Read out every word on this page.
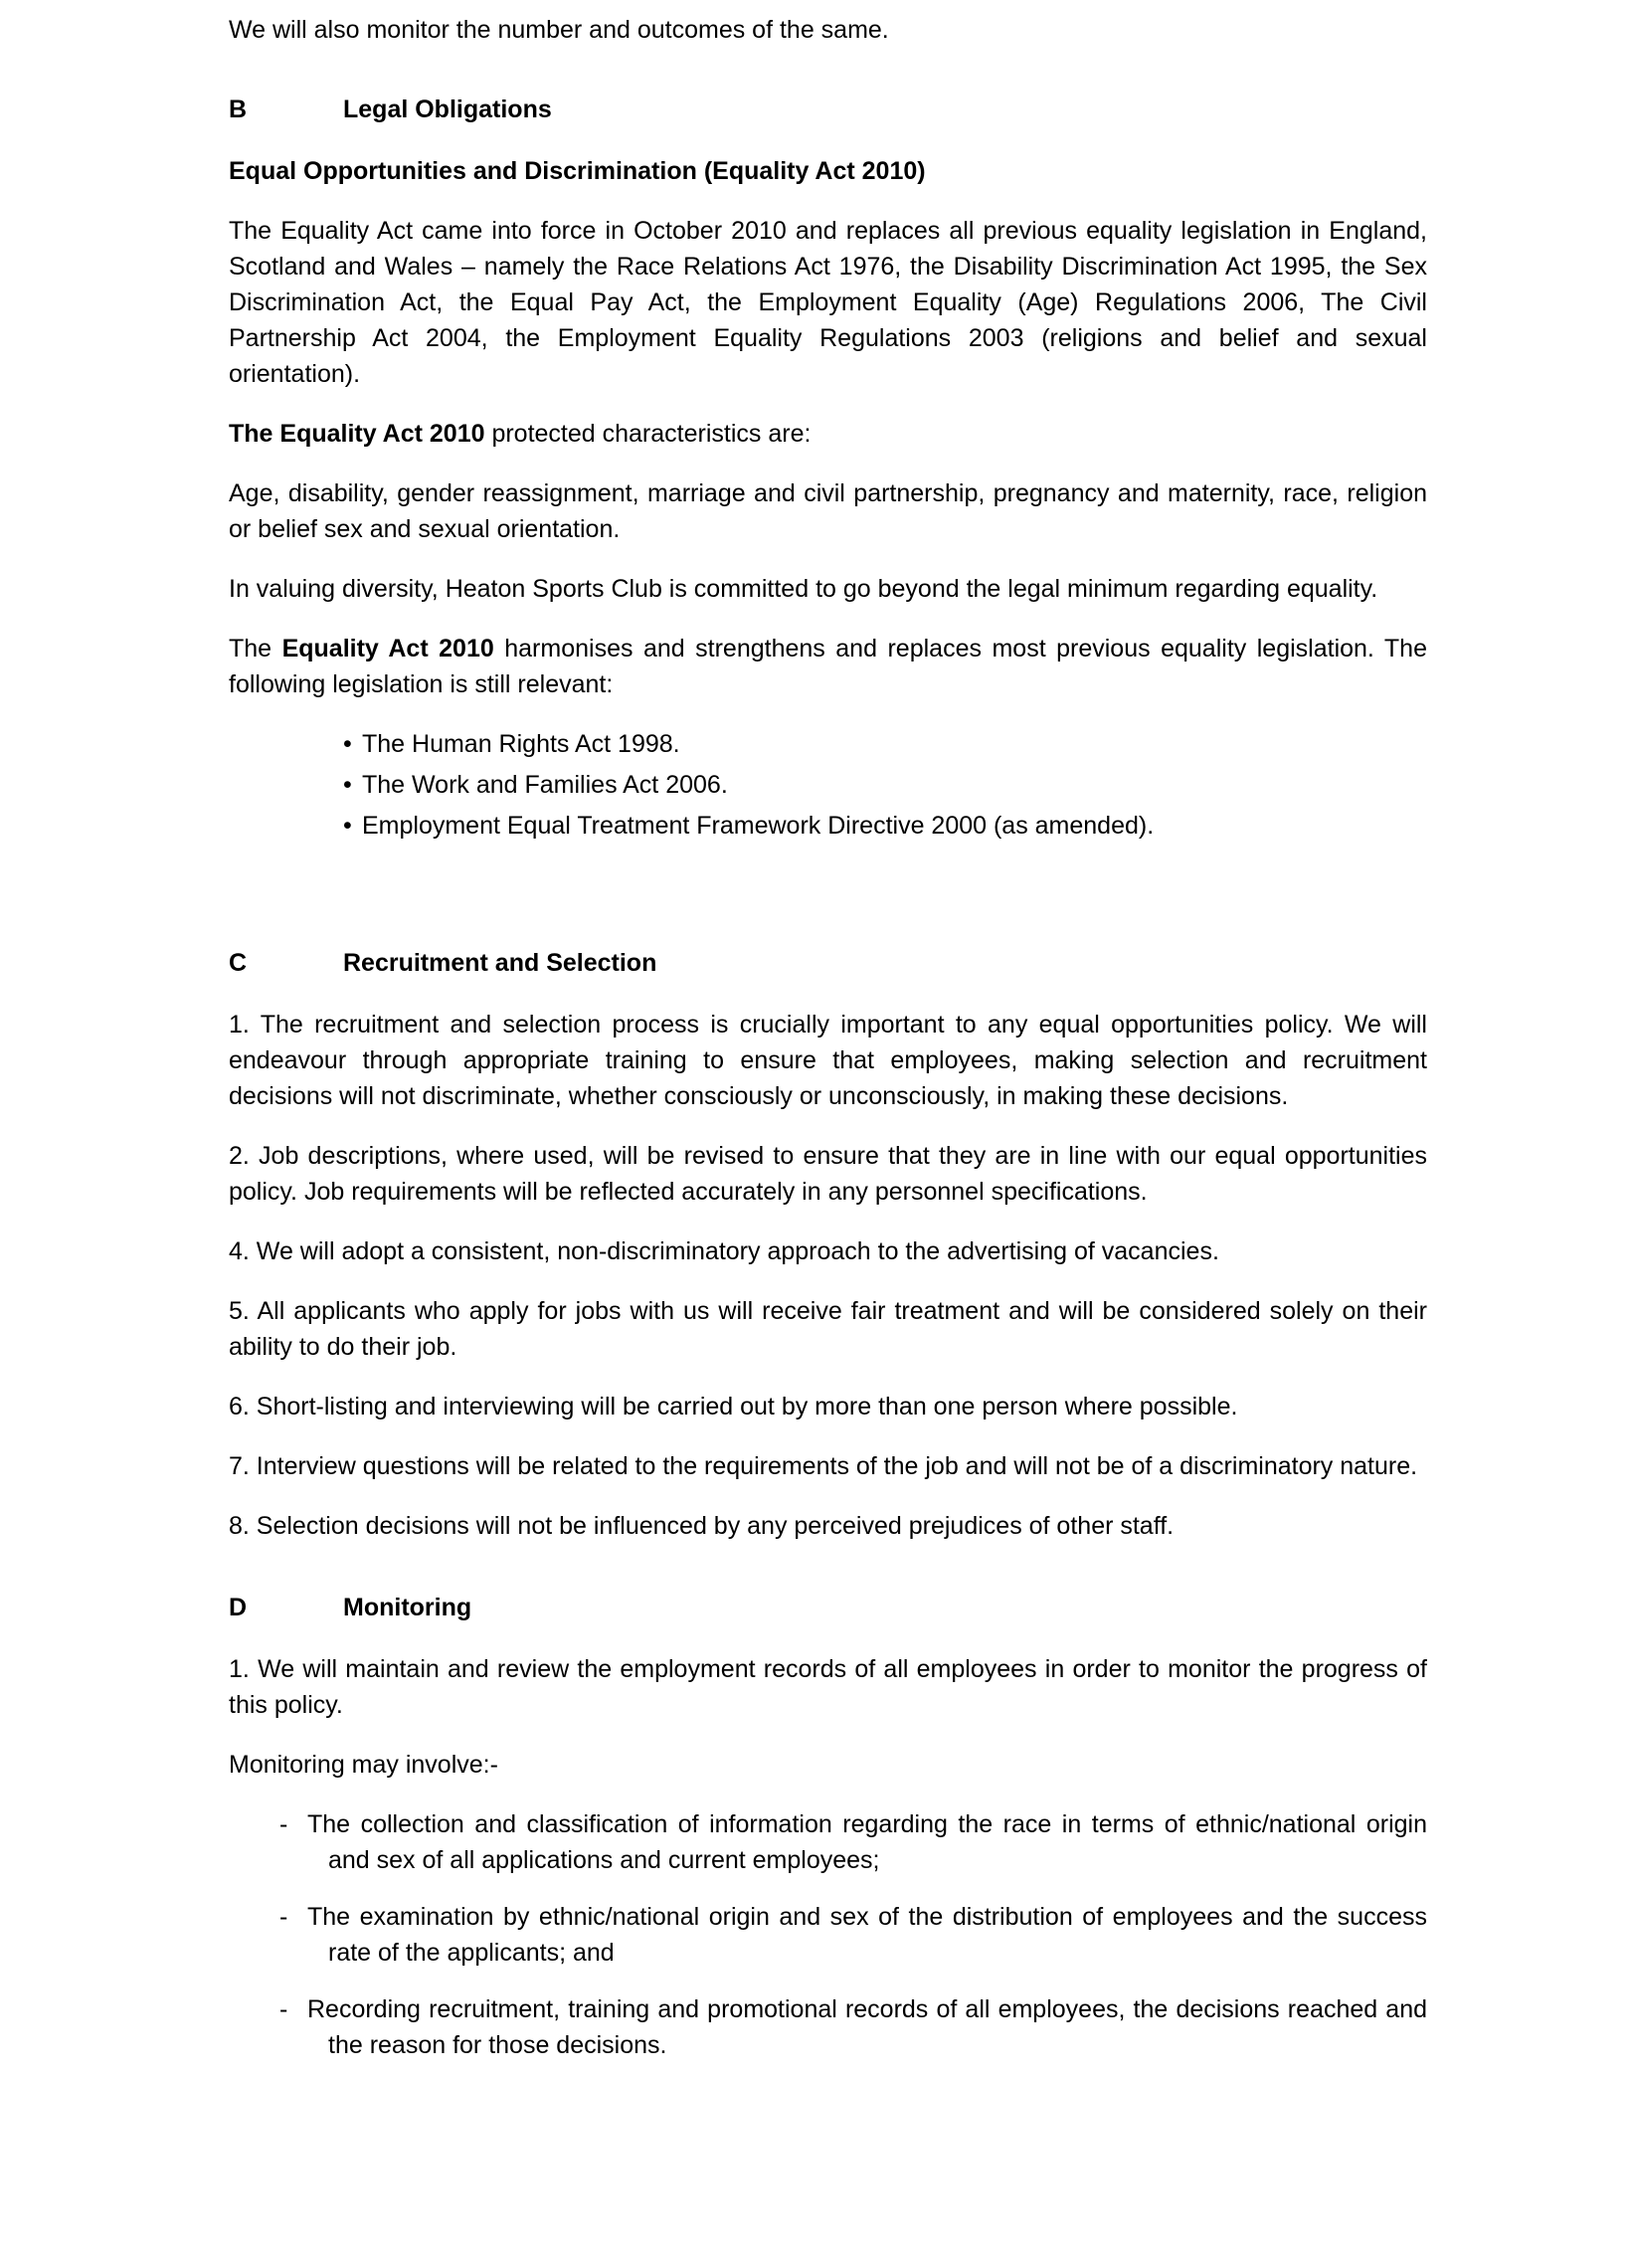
We will also monitor the number and outcomes of the same.

B	Legal Obligations

Equal Opportunities and Discrimination (Equality Act 2010)

The Equality Act came into force in October 2010 and replaces all previous equality legislation in England, Scotland and Wales – namely the Race Relations Act 1976, the Disability Discrimination Act 1995, the Sex Discrimination Act, the Equal Pay Act, the Employment Equality (Age) Regulations 2006, The Civil Partnership Act 2004, the Employment Equality Regulations 2003 (religions and belief and sexual orientation).

The Equality Act 2010 protected characteristics are:

Age, disability, gender reassignment, marriage and civil partnership, pregnancy and maternity, race, religion or belief sex and sexual orientation.

In valuing diversity, Heaton Sports Club is committed to go beyond the legal minimum regarding equality.

The Equality Act 2010 harmonises and strengthens and replaces most previous equality legislation. The following legislation is still relevant:

• The Human Rights Act 1998.
• The Work and Families Act 2006.
• Employment Equal Treatment Framework Directive 2000 (as amended).
C	Recruitment and Selection

1. The recruitment and selection process is crucially important to any equal opportunities policy. We will endeavour through appropriate training to ensure that employees, making selection and recruitment decisions will not discriminate, whether consciously or unconsciously, in making these decisions.

2. Job descriptions, where used, will be revised to ensure that they are in line with our equal opportunities policy. Job requirements will be reflected accurately in any personnel specifications.

4. We will adopt a consistent, non-discriminatory approach to the advertising of vacancies.

5. All applicants who apply for jobs with us will receive fair treatment and will be considered solely on their ability to do their job.

6. Short-listing and interviewing will be carried out by more than one person where possible.

7. Interview questions will be related to the requirements of the job and will not be of a discriminatory nature.

8. Selection decisions will not be influenced by any perceived prejudices of other staff.

D	Monitoring

1. We will maintain and review the employment records of all employees in order to monitor the progress of this policy.

Monitoring may involve:-

- The collection and classification of information regarding the race in terms of ethnic/national origin and sex of all applications and current employees;
- The examination by ethnic/national origin and sex of the distribution of employees and the success rate of the applicants; and
- Recording recruitment, training and promotional records of all employees, the decisions reached and the reason for those decisions.
